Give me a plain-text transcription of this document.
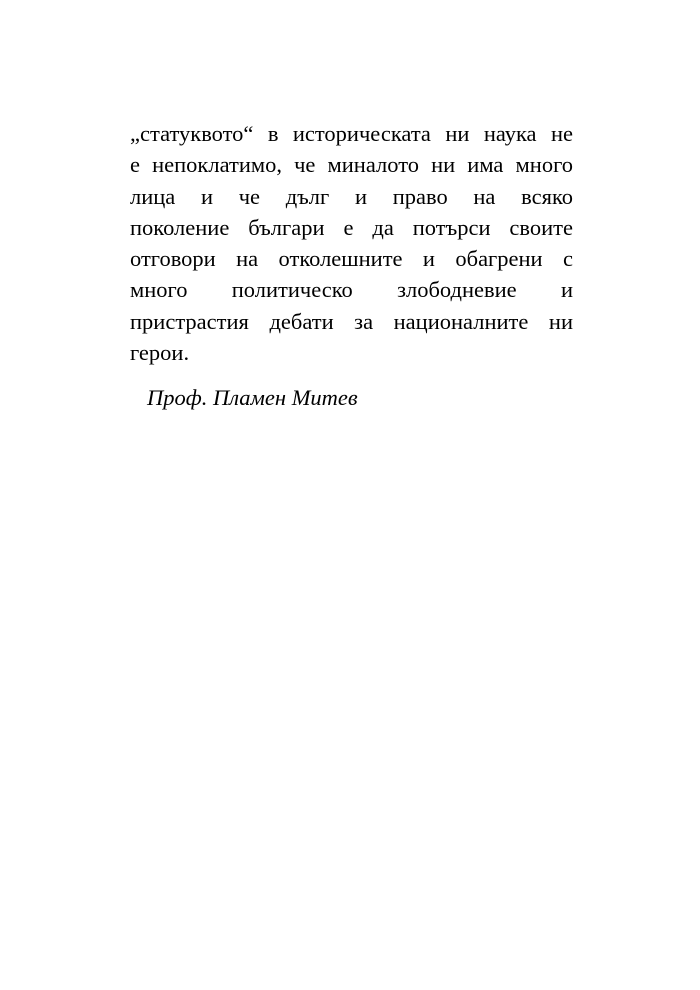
„статуквото“ в историческата ни наука не
е непоклатимо, че миналото ни има много
лица и че дълг и право на всяко
поколение българи е да потърси своите
отговори на отколешните и обагрени с
много политическо злободневие и
пристрастия дебати за националните ни
герои.
Проф. Пламен Митев
